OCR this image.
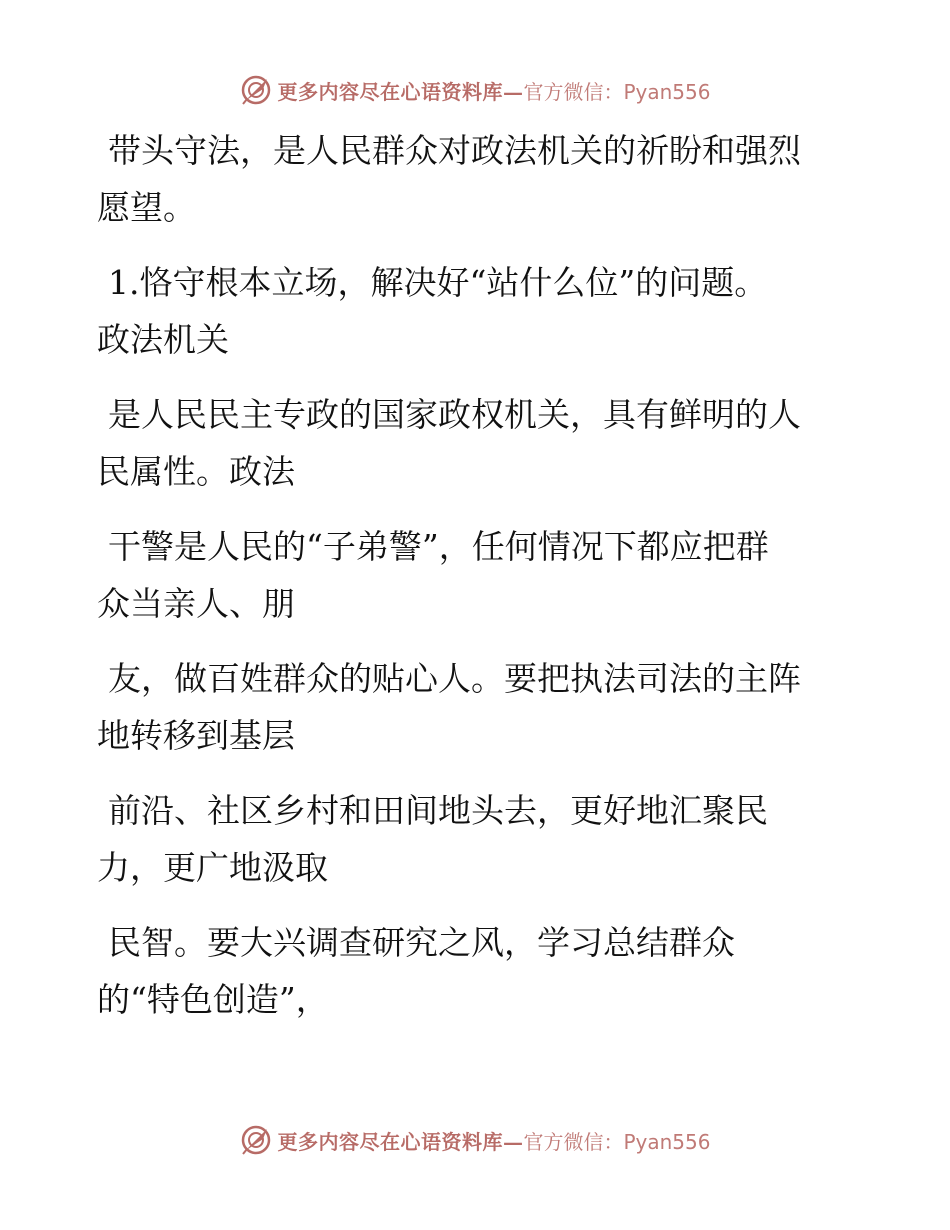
更多内容尽在心语资料库— 官方微信：Pyan556

带头守法，是人民群众对政法机关的祈盼和强烈
愿望。

1.恪守根本立场，解决好“站什么位”的问题。
政法机关

是人民民主专政的国家政权机关，具有鲜明的人
民属性。政法

干警是人民的“子弟警”，任何情况下都应把群
众当亲人、朋

友，做百姓群众的贴心人。要把执法司法的主阵
地转移到基层

前沿、社区乡村和田间地头去，更好地汇聚民
力，更广地汲取

民智。要大兴调查研究之风，学习总结群众
的“特色创造”，

更多内容尽在心语资料库— 官方微信：Pyan556
